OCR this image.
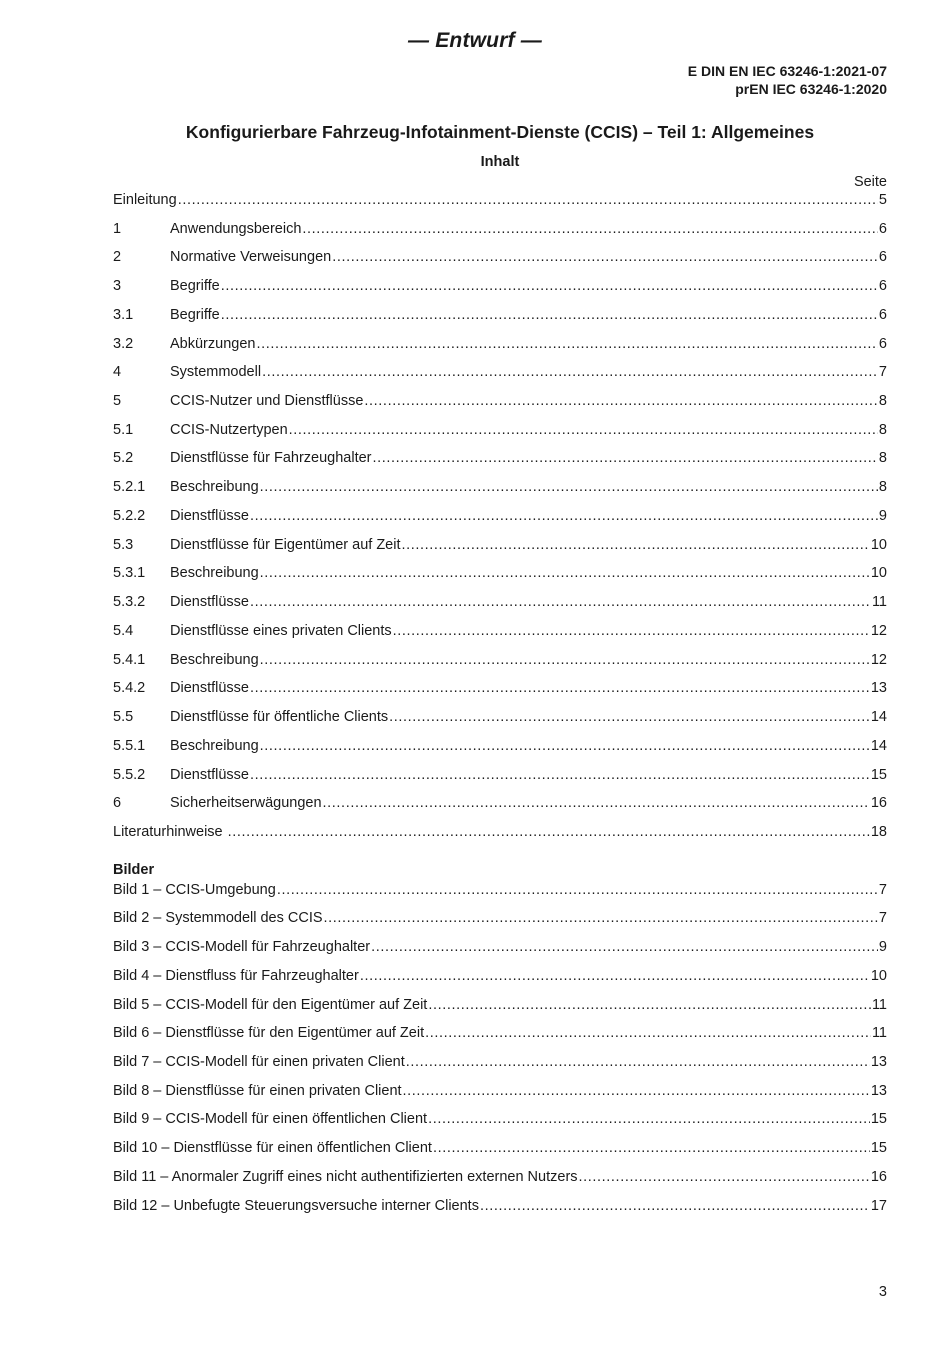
— Entwurf —
E DIN EN IEC 63246-1:2021-07
prEN IEC 63246-1:2020
Konfigurierbare Fahrzeug-Infotainment-Dienste (CCIS) – Teil 1: Allgemeines
Inhalt
Seite
Einleitung .....	5
1	Anwendungsbereich .....	6
2	Normative Verweisungen .....	6
3	Begriffe .....	6
3.1	Begriffe .....	6
3.2	Abkürzungen .....	6
4	Systemmodell .....	7
5	CCIS-Nutzer und Dienstflüsse .....	8
5.1	CCIS-Nutzertypen .....	8
5.2	Dienstflüsse für Fahrzeughalter .....	8
5.2.1	Beschreibung .....	8
5.2.2	Dienstflüsse .....	9
5.3	Dienstflüsse für Eigentümer auf Zeit .....	10
5.3.1	Beschreibung .....	10
5.3.2	Dienstflüsse .....	11
5.4	Dienstflüsse eines privaten Clients .....	12
5.4.1	Beschreibung .....	12
5.4.2	Dienstflüsse .....	13
5.5	Dienstflüsse für öffentliche Clients .....	14
5.5.1	Beschreibung .....	14
5.5.2	Dienstflüsse .....	15
6	Sicherheitserwägungen .....	16
Literaturhinweise .....	18
Bilder
Bild 1 – CCIS-Umgebung .....	7
Bild 2 – Systemmodell des CCIS .....	7
Bild 3 – CCIS-Modell für Fahrzeughalter .....	9
Bild 4 – Dienstfluss für Fahrzeughalter .....	10
Bild 5 – CCIS-Modell für den Eigentümer auf Zeit .....	11
Bild 6 – Dienstflüsse für den Eigentümer auf Zeit .....	11
Bild 7 – CCIS-Modell für einen privaten Client .....	13
Bild 8 – Dienstflüsse für einen privaten Client .....	13
Bild 9 – CCIS-Modell für einen öffentlichen Client .....	15
Bild 10 – Dienstflüsse für einen öffentlichen Client .....	15
Bild 11 – Anormaler Zugriff eines nicht authentifizierten externen Nutzers .....	16
Bild 12 – Unbefugte Steuerungsversuche interner Clients .....	17
3
